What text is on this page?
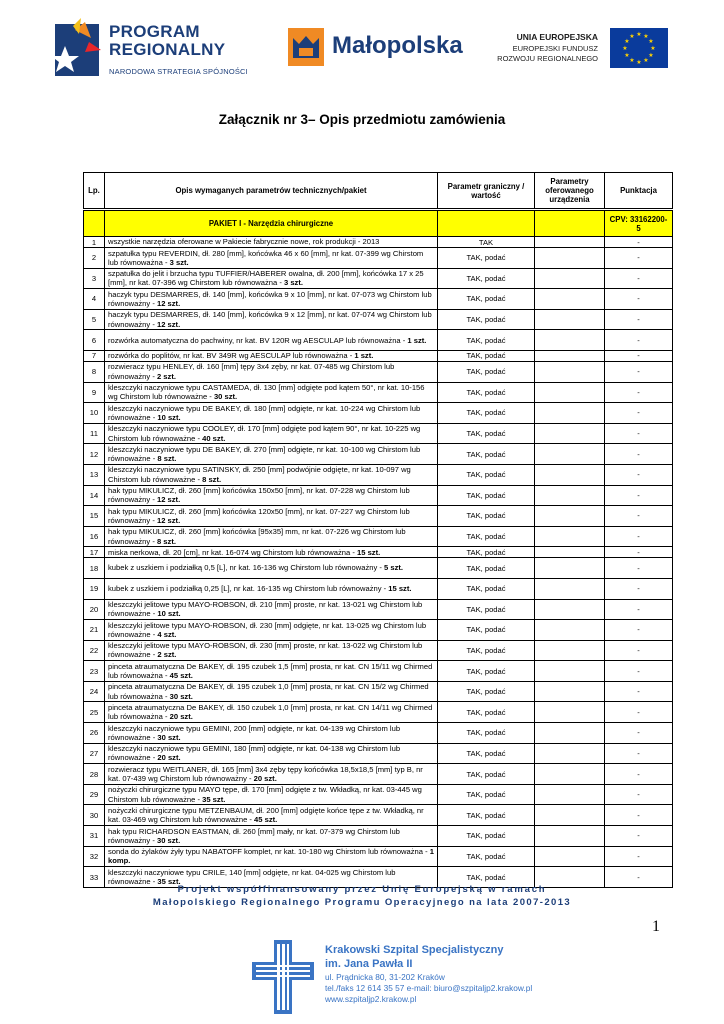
PROGRAM
REGIONALNY
NARODOWA STRATEGIA SPÓJNOŚCI
Małopolska	UNIA EUROPEJSKA
EUROPEJSKI FUNDUSZ
ROZWOJU REGIONALNEGO
★ ★
★
★
★
★
★
★
★
★
★
★
Załącznik nr 3– Opis przedmiotu zamówienia
Lp.	Opis wymaganych parametrów technicznych/pakiet	Parametr graniczny / wartość	Parametry oferowanego urządzenia	Punktacja

	PAKIET I - Narzędzia chirurgiczne			CPV: 33162200-5
1	wszystkie narzędzia oferowane w Pakiecie fabrycznie nowe, rok produkcji - 2013	TAK		-
2	szpatułka typu REVERDIN, dł. 280 [mm], końcówka 46 x 60 [mm], nr kat. 07-399 wg Chirstom lub równoważna - 3 szt.	TAK, podać		-
3	szpatułka do jelit i brzucha typu TUFFIER/HABERER owalna, dł. 200 [mm], końcówka 17 x 25 [mm], nr kat. 07-396 wg Chirstom lub równoważna - 3 szt.	TAK, podać		-
4	haczyk typu DESMARRES, dł. 140 [mm], końcówka 9 x 10 [mm], nr kat. 07-073 wg Chirstom lub równoważny - 12 szt.	TAK, podać		-
5	haczyk typu DESMARRES, dł. 140 [mm], końcówka 9 x 12 [mm], nr kat. 07-074 wg Chirstom lub równoważny - 12 szt.	TAK, podać		-
6	rozwórka automatyczna do pachwiny, nr kat. BV 120R wg AESCULAP lub równoważna - 1 szt.	TAK, podać		-
7	rozwórka do poplitów, nr kat. BV 349R wg AESCULAP lub równoważna - 1 szt.	TAK, podać		-
8	rozwieracz typu HENLEY, dł. 160 [mm] tępy 3x4 zęby, nr kat. 07-485 wg Chirstom lub równoważny - 2 szt.	TAK, podać		-
9	kleszczyki naczyniowe typu CASTAMEDA, dł. 130 [mm] odgięte pod kątem 50°, nr kat. 10-156 wg Chirstom lub równoważne - 30 szt.	TAK, podać		-
10	kleszczyki naczyniowe typu DE BAKEY, dł. 180 [mm] odgięte, nr kat. 10-224 wg Chirstom lub równoważne - 10 szt.	TAK, podać		-
11	kleszczyki naczyniowe typu COOLEY, dł. 170 [mm] odgięte pod kątem 90°, nr kat. 10-225 wg Chirstom lub równoważne - 40 szt.	TAK, podać		-
12	kleszczyki naczyniowe typu DE BAKEY, dł. 270 [mm] odgięte, nr kat. 10-100 wg Chirstom lub równoważne - 8 szt.	TAK, podać		-
13	kleszczyki naczyniowe typu SATINSKY, dł. 250 [mm] podwójnie odgięte, nr kat. 10-097 wg Chirstom lub równoważne - 8 szt.	TAK, podać		-
14	hak typu MIKULICZ, dł. 260 [mm] końcówka 150x50 [mm], nr kat. 07-228 wg Chirstom lub równoważny - 12 szt.	TAK, podać		-
15	hak typu MIKULICZ, dł. 260 [mm] końcówka 120x50 [mm], nr kat. 07-227 wg Chirstom lub równoważny - 12 szt.	TAK, podać		-
16	hak typu MIKULICZ, dł. 260 [mm] końcówka [95x35] mm, nr kat. 07-226 wg Chirstom lub równoważny - 8 szt.	TAK, podać		-
17	miska nerkowa, dł. 20 [cm], nr kat. 16-074 wg Chirstom lub równoważna - 15 szt.	TAK, podać		-
18	kubek z uszkiem i podziałką 0,5 [L], nr kat. 16-136 wg Chirstom lub równoważny - 5 szt.	TAK, podać		-
19	kubek z uszkiem i podziałką 0,25 [L], nr kat. 16-135 wg Chirstom lub równoważny - 15 szt.	TAK, podać		-
20	kleszczyki jelitowe typu MAYO-ROBSON, dł. 210 [mm] proste, nr kat. 13-021 wg Chirstom lub równoważne - 10 szt.	TAK, podać		-
21	kleszczyki jelitowe typu MAYO-ROBSON, dł. 230 [mm] odgięte, nr kat. 13-025 wg Chirstom lub równoważne - 4 szt.	TAK, podać		-
22	kleszczyki jelitowe typu MAYO-ROBSON, dł. 230 [mm] proste, nr kat. 13-022 wg Chirstom lub równoważne - 2 szt.	TAK, podać		-
23	pinceta atraumatyczna De BAKEY, dł. 195 czubek 1,5 [mm] prosta, nr kat. CN 15/11 wg Chirmed lub równoważna - 45 szt.	TAK, podać		-
24	pinceta atraumatyczna De BAKEY, dł. 195 czubek 1,0 [mm] prosta, nr kat. CN 15/2 wg Chirmed lub równoważna - 30 szt.	TAK, podać		-
25	pinceta atraumatyczna De BAKEY, dł. 150 czubek 1,0 [mm] prosta, nr kat. CN 14/11 wg Chirmed lub równoważna - 20 szt.	TAK, podać		-
26	kleszczyki naczyniowe typu GEMINI, 200 [mm] odgięte, nr kat. 04-139 wg Chirstom lub równoważne - 30 szt.	TAK, podać		-
27	kleszczyki naczyniowe typu GEMINI, 180 [mm] odgięte, nr kat. 04-138 wg Chirstom lub równoważne - 20 szt.	TAK, podać		-
28	rozwieracz typu WEITLANER, dł. 165 [mm] 3x4 zęby tępy końcówka 18,5x18,5 [mm] typ B, nr kat. 07-439 wg Chirstom lub równoważny - 20 szt.	TAK, podać		-
29	nożyczki chirurgiczne typu MAYO tępe, dł. 170 [mm] odgięte z tw. Wkładką, nr kat. 03-445 wg Chirstom lub równoważne - 35 szt.	TAK, podać		-
30	nożyczki chirurgiczne typu METZENBAUM, dł. 200 [mm] odgięte końce tępe z tw. Wkładką, nr kat. 03-469 wg Chirstom lub równoważne - 45 szt.	TAK, podać		-
31	hak typu RICHARDSON EASTMAN, dł. 260 [mm] mały, nr kat. 07-379 wg Chirstom lub równoważny - 30 szt.	TAK, podać		-
32	sonda do żylaków żyły typu NABATOFF komplet, nr kat. 10-180 wg Chirstom lub równoważna - 1 komp.	TAK, podać		-
33	kleszczyki naczyniowe typu CRILE, 140 [mm] odgięte, nr kat. 04-025 wg Chirstom lub równoważne - 35 szt.	TAK, podać		-
Projekt współfinansowany przez Unię Europejską w ramach
Małopolskiego Regionalnego Programu Operacyjnego na lata 2007-2013
1
Krakowski Szpital Specjalistyczny
im. Jana Pawła II
ul. Prądnicka 80, 31-202 Kraków
tel./faks 12 614 35 57 e-mail: biuro@szpitaljp2.krakow.pl
www.szpitaljp2.krakow.pl
